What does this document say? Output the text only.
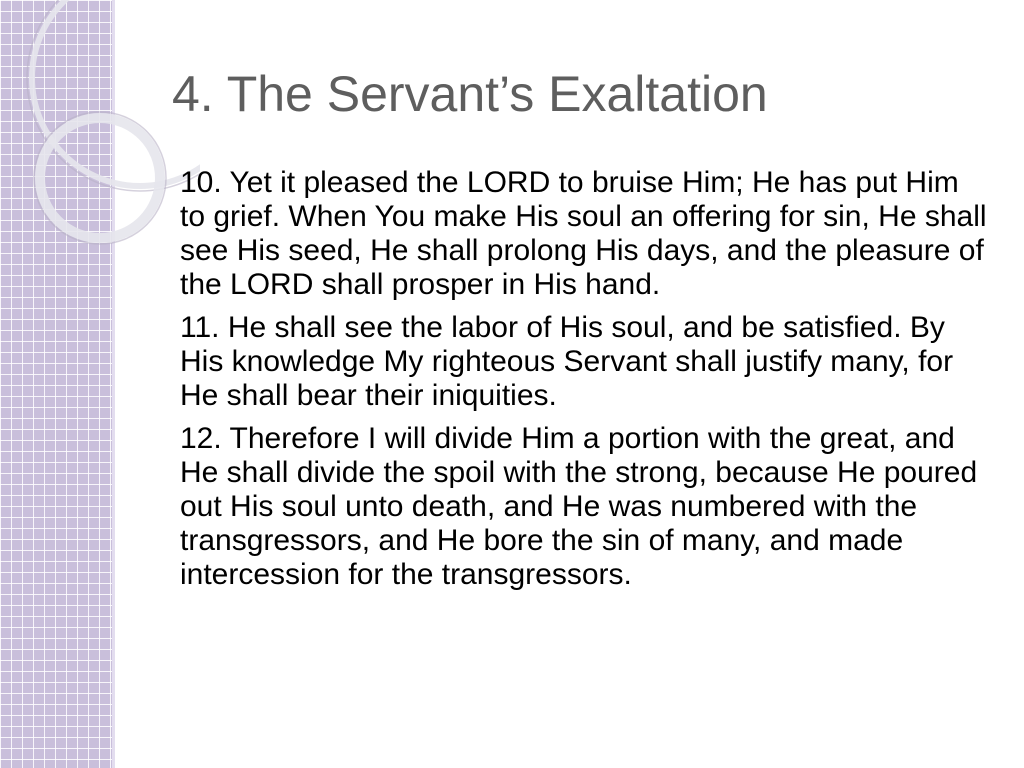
4. The Servant’s Exaltation

10. Yet it pleased the LORD to bruise Him; He has put Him to grief. When You make His soul an offering for sin, He shall see His seed, He shall prolong His days, and the pleasure of the LORD shall prosper in His hand.

11. He shall see the labor of His soul, and be satisfied. By His knowledge My righteous Servant shall justify many, for He shall bear their iniquities.

12. Therefore I will divide Him a portion with the great, and He shall divide the spoil with the strong, because He poured out His soul unto death, and He was numbered with the transgressors, and He bore the sin of many, and made intercession for the transgressors.
